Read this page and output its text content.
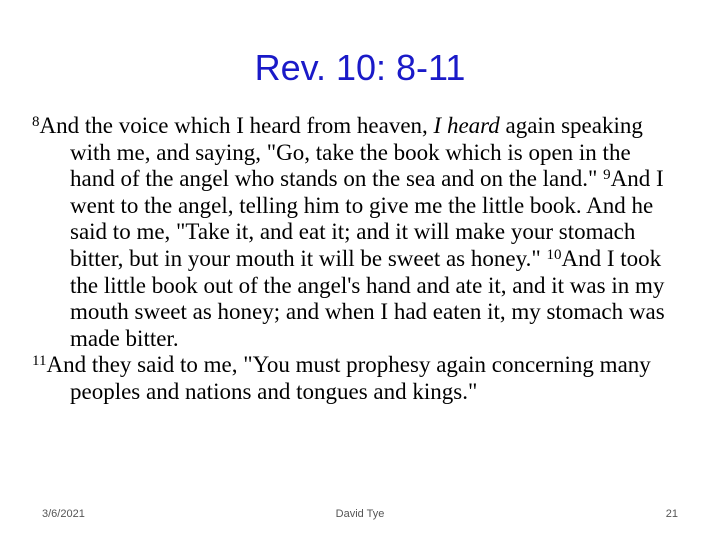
Rev. 10: 8-11

$^8$And the voice which I heard from heaven, I heard again speaking with me, and saying, "Go, take the book which is open in the hand of the angel who stands on the sea and on the land." $^9$And I went to the angel, telling him to give me the little book. And he said to me, "Take it, and eat it; and it will make your stomach bitter, but in your mouth it will be sweet as honey." $^{10}$And I took the little book out of the angel's hand and ate it, and it was in my mouth sweet as honey; and when I had eaten it, my stomach was made bitter.

$^{11}$And they said to me, "You must prophesy again concerning many peoples and nations and tongues and kings."

3/6/2021	David Tye	21
